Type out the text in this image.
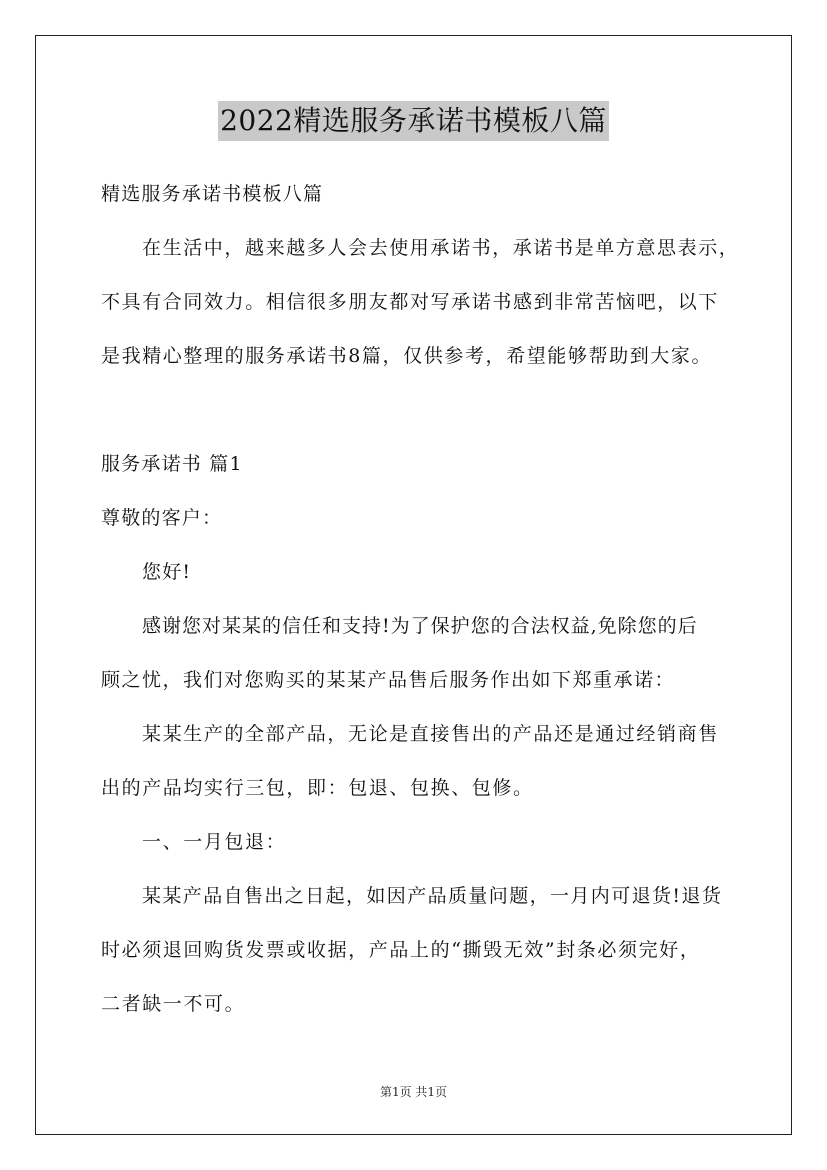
2022精选服务承诺书模板八篇
精选服务承诺书模板八篇
在生活中，越来越多人会去使用承诺书，承诺书是单方意思表示，
不具有合同效力。相信很多朋友都对写承诺书感到非常苦恼吧，以下
是我精心整理的服务承诺书8篇，仅供参考，希望能够帮助到大家。
服务承诺书 篇1
尊敬的客户：
您好!
感谢您对某某的信任和支持!为了保护您的合法权益,免除您的后
顾之忧，我们对您购买的某某产品售后服务作出如下郑重承诺：
某某生产的全部产品，无论是直接售出的产品还是通过经销商售
出的产品均实行三包，即：包退、包换、包修。
一、一月包退：
某某产品自售出之日起，如因产品质量问题，一月内可退货!退货
时必须退回购货发票或收据，产品上的“撕毁无效”封条必须完好，
二者缺一不可。
第1页 共1页
